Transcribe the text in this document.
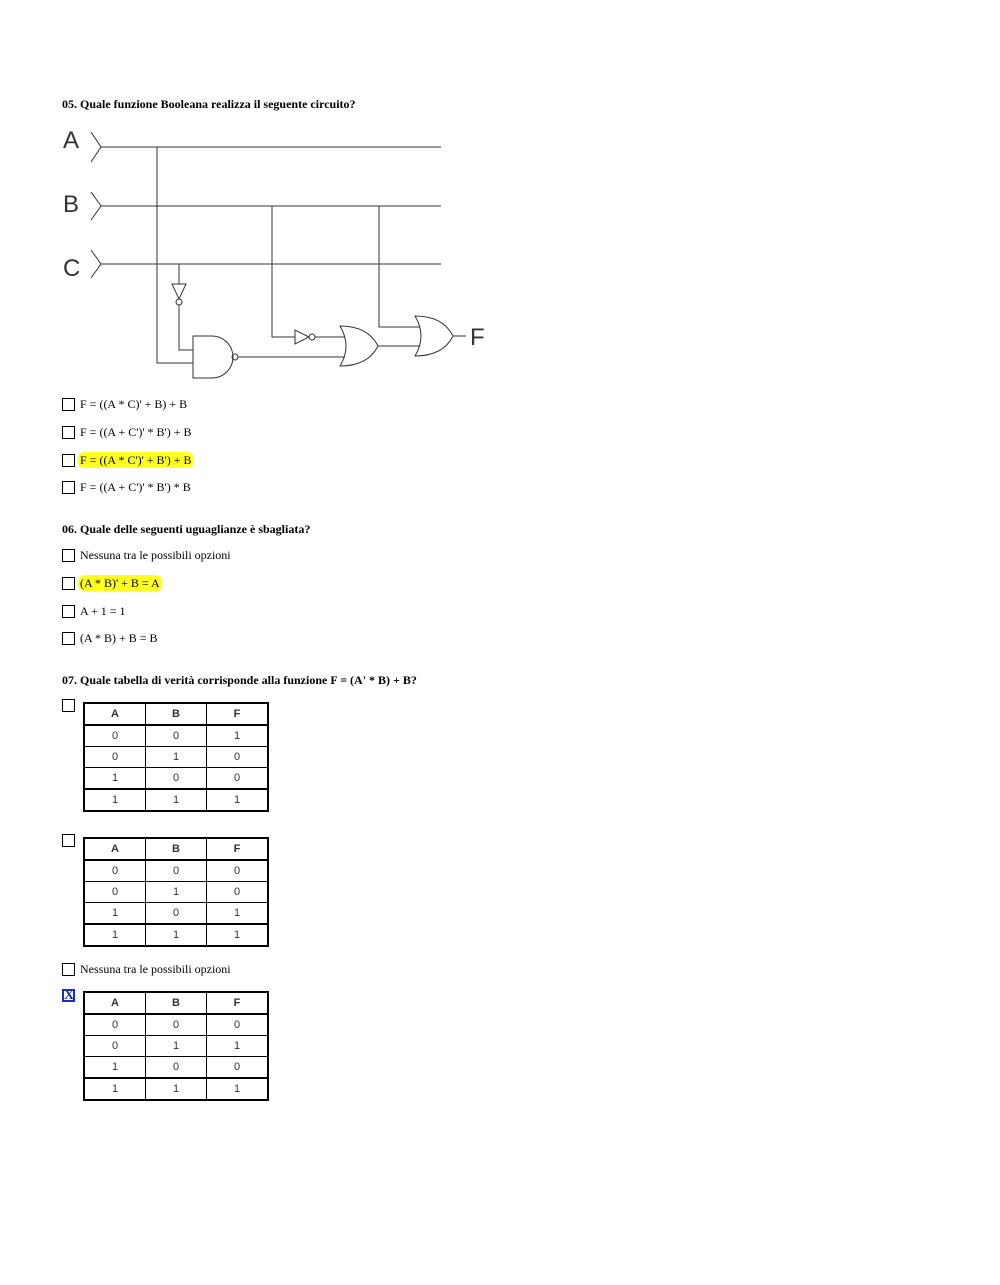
05. Quale funzione Booleana realizza il seguente circuito?
A
B
C
F
F = ((A * C)' + B) + B
F = ((A + C')' * B') + B
F = ((A * C')' + B') + B
F = ((A + C')' * B') * B
06. Quale delle seguenti uguaglianze è sbagliata?
Nessuna tra le possibili opzioni
(A * B)' + B = A
A + 1 = 1
(A * B) + B = B
07. Quale tabella di verità corrisponde alla funzione F = (A' * B) + B?
A	B	F
0	0	1
0	1	0
1	0	0
1	1	1
A	B	F
0	0	0
0	1	0
1	0	1
1	1	1
Nessuna tra le possibili opzioni
X	A	B	F
0	0	0
0	1	1
1	0	0
1	1	1
